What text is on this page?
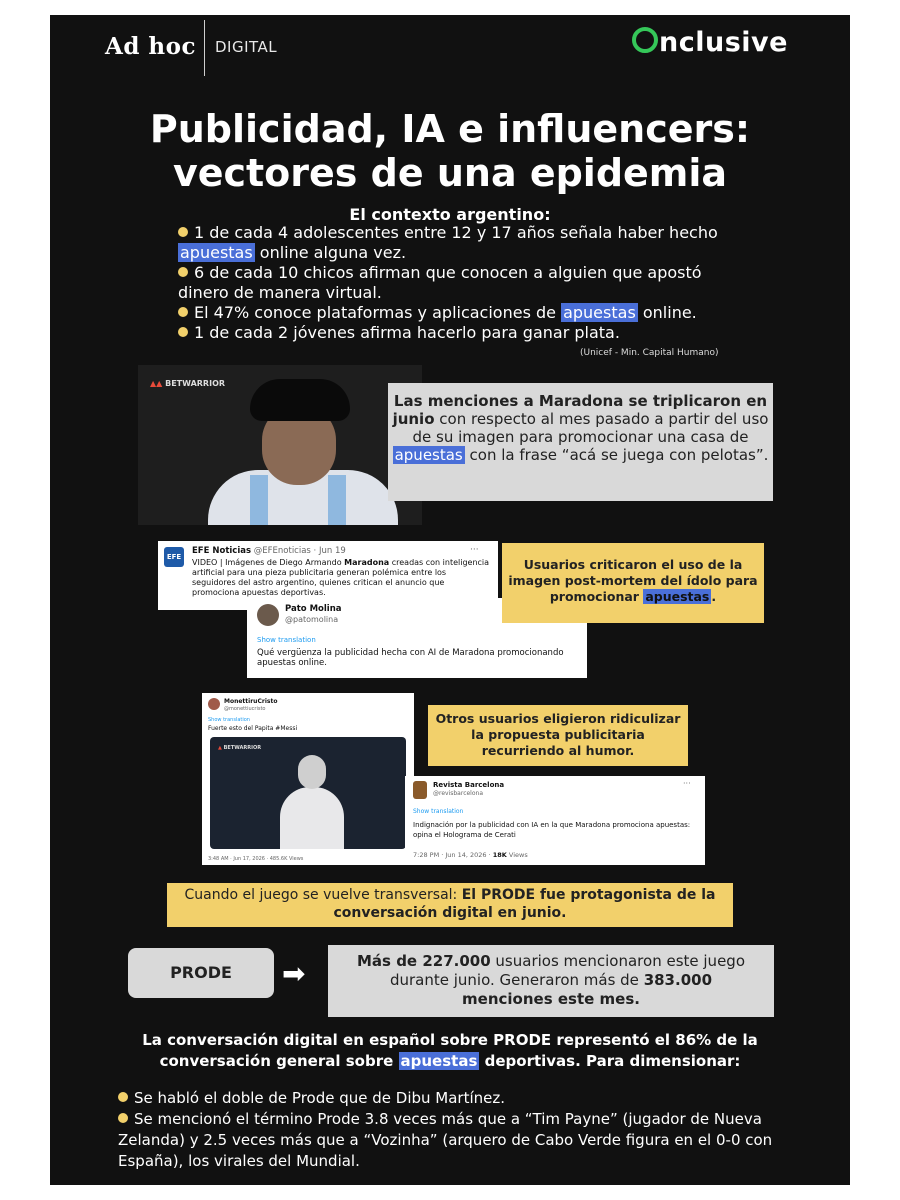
Ad hoc DIGITAL	nclusive
Publicidad, IA e influencers:
vectores de una epidemia
El contexto argentino:
1 de cada 4 adolescentes entre 12 y 17 años señala haber hecho apuestas online alguna vez.
6 de cada 10 chicos afirman que conocen a alguien que apostó dinero de manera virtual.
El 47% conoce plataformas y aplicaciones de apuestas online.
1 de cada 2 jóvenes afirma hacerlo para ganar plata.
(Unicef - Min. Capital Humano)
▲▲ BETWARRIOR
Las menciones a Maradona se triplicaron en junio con respecto al mes pasado a partir del uso de su imagen para promocionar una casa de apuestas con la frase “acá se juega con pelotas”.
EFE
EFE Noticias @EFEnoticias · Jun 19	···
VIDEO | Imágenes de Diego Armando Maradona creadas con inteligencia artificial para una pieza publicitaria generan polémica entre los seguidores del astro argentino, quienes critican el anuncio que promociona apuestas deportivas.
Pato Molina
@patomolina
Show translation
Qué vergüenza la publicidad hecha con AI de Maradona promocionando apuestas online.
Usuarios criticaron el uso de la imagen post-mortem del ídolo para promocionar apuestas .
MonettiruCristo
@monettiucristo
Show translation
Fuerte esto del Papita #Messi
▲ BETWARRIOR
3:48 AM · Jun 17, 2026 · 485.6K Views
Otros usuarios eligieron ridiculizar la propuesta publicitaria recurriendo al humor.
Revista Barcelona
@revisbarcelona
···
Show translation
Indignación por la publicidad con IA en la que Maradona promociona apuestas: opina el Holograma de Cerati
7:28 PM · Jun 14, 2026 · 18K Views
Cuando el juego se vuelve transversal: El PRODE fue protagonista de la conversación digital en junio.
PRODE	➡	Más de 227.000 usuarios mencionaron este juego durante junio. Generaron más de 383.000
menciones este mes.
La conversación digital en español sobre PRODE representó el 86% de la conversación general sobre apuestas deportivas. Para dimensionar:
Se habló el doble de Prode que de Dibu Martínez.
Se mencionó el término Prode 3.8 veces más que a “Tim Payne” (jugador de Nueva Zelanda) y 2.5 veces más que a “Vozinha” (arquero de Cabo Verde figura en el 0-0 con España), los virales del Mundial.
